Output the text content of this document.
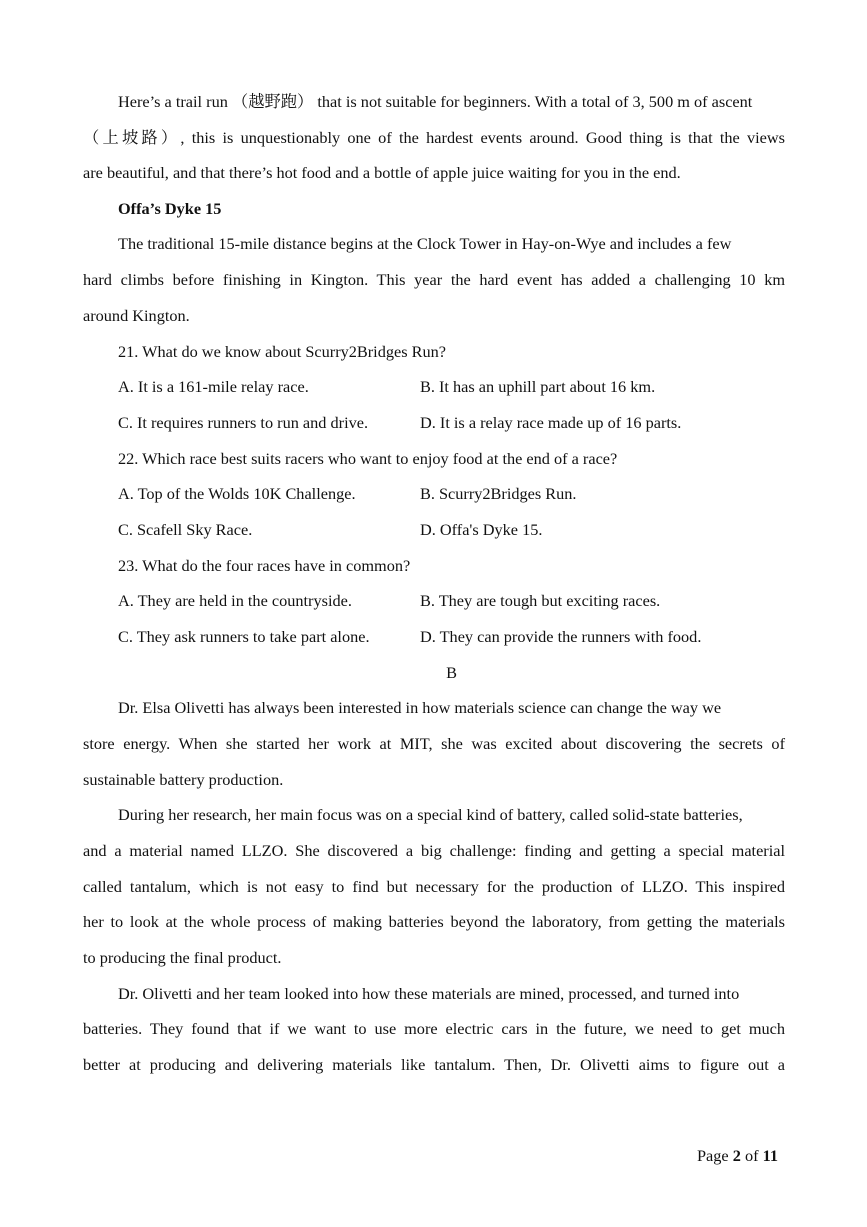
Here’s a trail run （越野跑） that is not suitable for beginners. With a total of 3, 500 m of ascent
（上坡路）, this is unquestionably one of the hardest events around. Good thing is that the views
are beautiful, and that there’s hot food and a bottle of apple juice waiting for you in the end.
Offa’s Dyke 15
The traditional 15-mile distance begins at the Clock Tower in Hay-on-Wye and includes a few
hard climbs before finishing in Kington. This year the hard event has added a challenging 10 km
around Kington.
21. What do we know about Scurry2Bridges Run?
A. It is a 161-mile relay race.	B. It has an uphill part about 16 km.
C. It requires runners to run and drive.	D. It is a relay race made up of 16 parts.
22. Which race best suits racers who want to enjoy food at the end of a race?
A. Top of the Wolds 10K Challenge.	B. Scurry2Bridges Run.
C. Scafell Sky Race.	D. Offa's Dyke 15.
23. What do the four races have in common?
A. They are held in the countryside.	B. They are tough but exciting races.
C. They ask runners to take part alone.	D. They can provide the runners with food.
B
Dr. Elsa Olivetti has always been interested in how materials science can change the way we
store energy. When she started her work at MIT, she was excited about discovering the secrets of
sustainable battery production.
During her research, her main focus was on a special kind of battery, called solid-state batteries,
and a material named LLZO. She discovered a big challenge: finding and getting a special material
called tantalum, which is not easy to find but necessary for the production of LLZO. This inspired
her to look at the whole process of making batteries beyond the laboratory, from getting the materials
to producing the final product.
Dr. Olivetti and her team looked into how these materials are mined, processed, and turned into
batteries. They found that if we want to use more electric cars in the future, we need to get much
better at producing and delivering materials like tantalum. Then, Dr. Olivetti aims to figure out a
Page 2 of 11
